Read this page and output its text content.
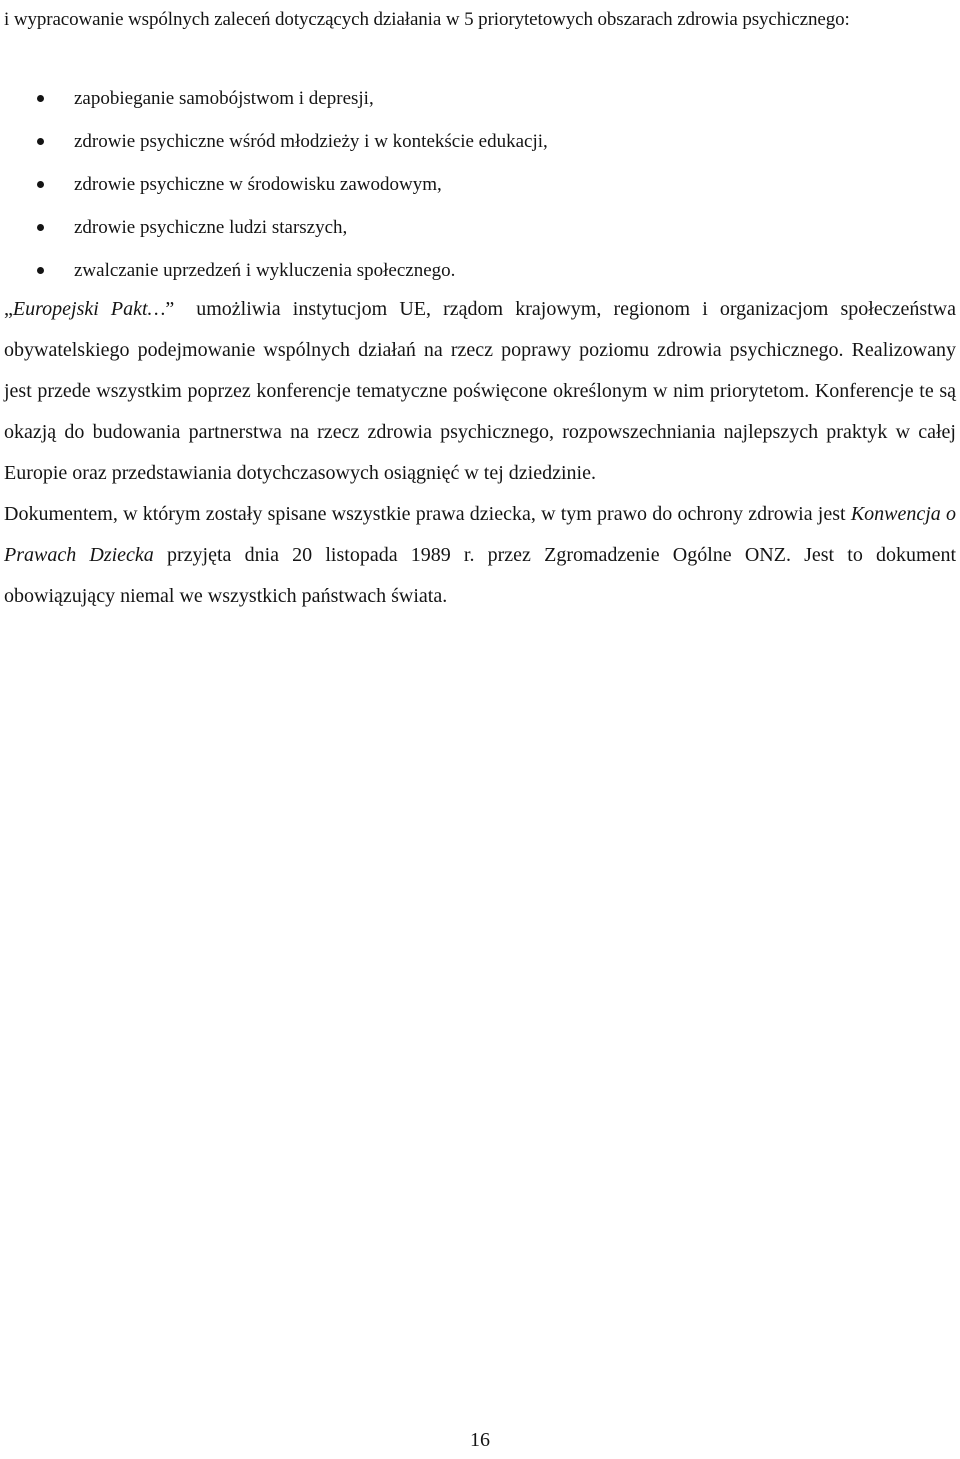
i wypracowanie wspólnych zaleceń dotyczących działania w 5 priorytetowych obszarach zdrowia psychicznego:

zapobieganie samobójstwom i depresji,
zdrowie psychiczne wśród młodzieży i w kontekście edukacji,
zdrowie psychiczne w środowisku zawodowym,
zdrowie psychiczne ludzi starszych,
zwalczanie uprzedzeń i wykluczenia społecznego.

„Europejski Pakt…” umożliwia instytucjom UE, rządom krajowym, regionom i organizacjom społeczeństwa obywatelskiego podejmowanie wspólnych działań na rzecz poprawy poziomu zdrowia psychicznego. Realizowany jest przede wszystkim poprzez konferencje tematyczne poświęcone określonym w nim priorytetom. Konferencje te są okazją do budowania partnerstwa na rzecz zdrowia psychicznego, rozpowszechniania najlepszych praktyk w całej Europie oraz przedstawiania dotychczasowych osiągnięć w tej dziedzinie.

Dokumentem, w którym zostały spisane wszystkie prawa dziecka, w tym prawo do ochrony zdrowia jest Konwencja o Prawach Dziecka przyjęta dnia 20 listopada 1989 r. przez Zgromadzenie Ogólne ONZ. Jest to dokument obowiązujący niemal we wszystkich państwach świata.

16
